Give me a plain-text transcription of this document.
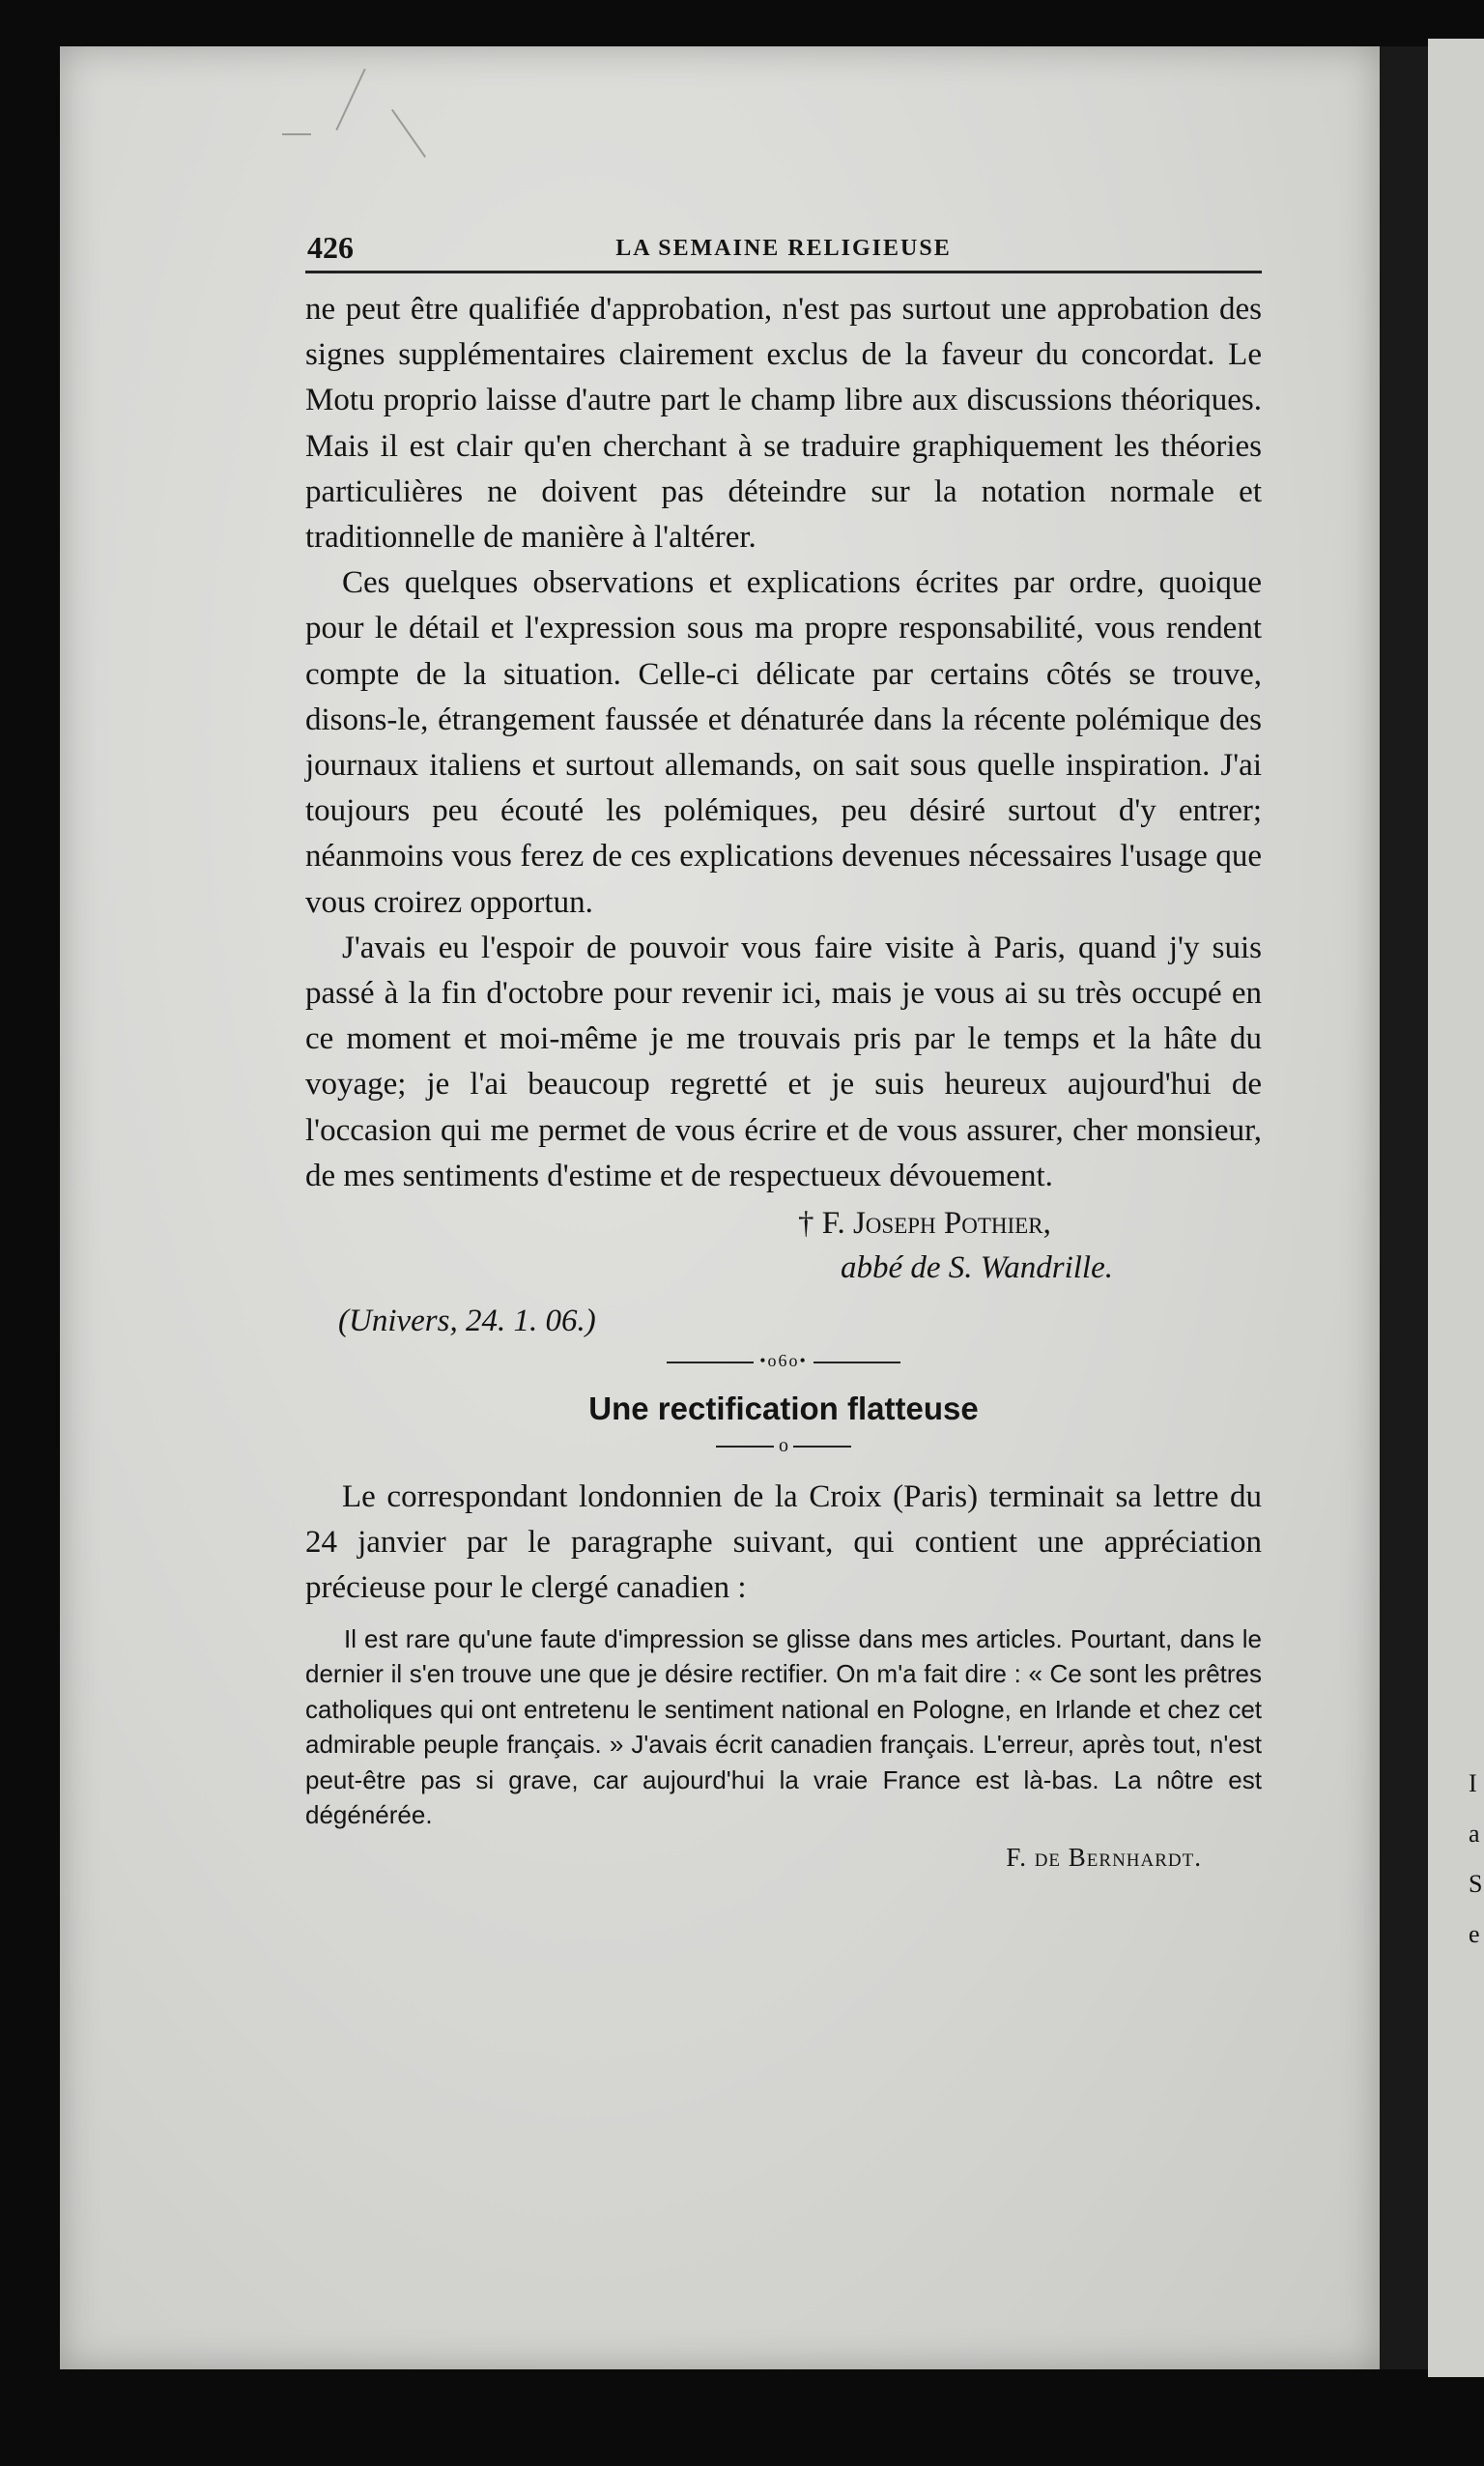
I
a
S
e
426	LA SEMAINE RELIGIEUSE

ne peut être qualifiée d'approbation, n'est pas surtout une approbation des signes supplémentaires clairement exclus de la faveur du concordat. Le Motu proprio laisse d'autre part le champ libre aux discussions théoriques. Mais il est clair qu'en cherchant à se traduire graphiquement les théories particulières ne doivent pas déteindre sur la notation normale et traditionnelle de manière à l'altérer.

Ces quelques observations et explications écrites par ordre, quoique pour le détail et l'expression sous ma propre responsabilité, vous rendent compte de la situation. Celle-ci délicate par certains côtés se trouve, disons-le, étrangement faussée et dénaturée dans la récente polémique des journaux italiens et surtout allemands, on sait sous quelle inspiration. J'ai toujours peu écouté les polémiques, peu désiré surtout d'y entrer; néanmoins vous ferez de ces explications devenues nécessaires l'usage que vous croirez opportun.

J'avais eu l'espoir de pouvoir vous faire visite à Paris, quand j'y suis passé à la fin d'octobre pour revenir ici, mais je vous ai su très occupé en ce moment et moi-même je me trouvais pris par le temps et la hâte du voyage; je l'ai beaucoup regretté et je suis heureux aujourd'hui de l'occasion qui me permet de vous écrire et de vous assurer, cher monsieur, de mes sentiments d'estime et de respectueux dévouement.

† F. Joseph Pothier,
abbé de S. Wandrille.
(Univers, 24. 1. 06.)
•o6o•
Une rectification flatteuse
o

Le correspondant londonnien de la Croix (Paris) terminait sa lettre du 24 janvier par le paragraphe suivant, qui contient une appréciation précieuse pour le clergé canadien :

Il est rare qu'une faute d'impression se glisse dans mes articles. Pourtant, dans le dernier il s'en trouve une que je désire rectifier. On m'a fait dire : « Ce sont les prêtres catholiques qui ont entretenu le sentiment national en Pologne, en Irlande et chez cet admirable peuple français. » J'avais écrit canadien français. L'erreur, après tout, n'est peut-être pas si grave, car aujourd'hui la vraie France est là-bas. La nôtre est dégénérée.

F. de Bernhardt.
